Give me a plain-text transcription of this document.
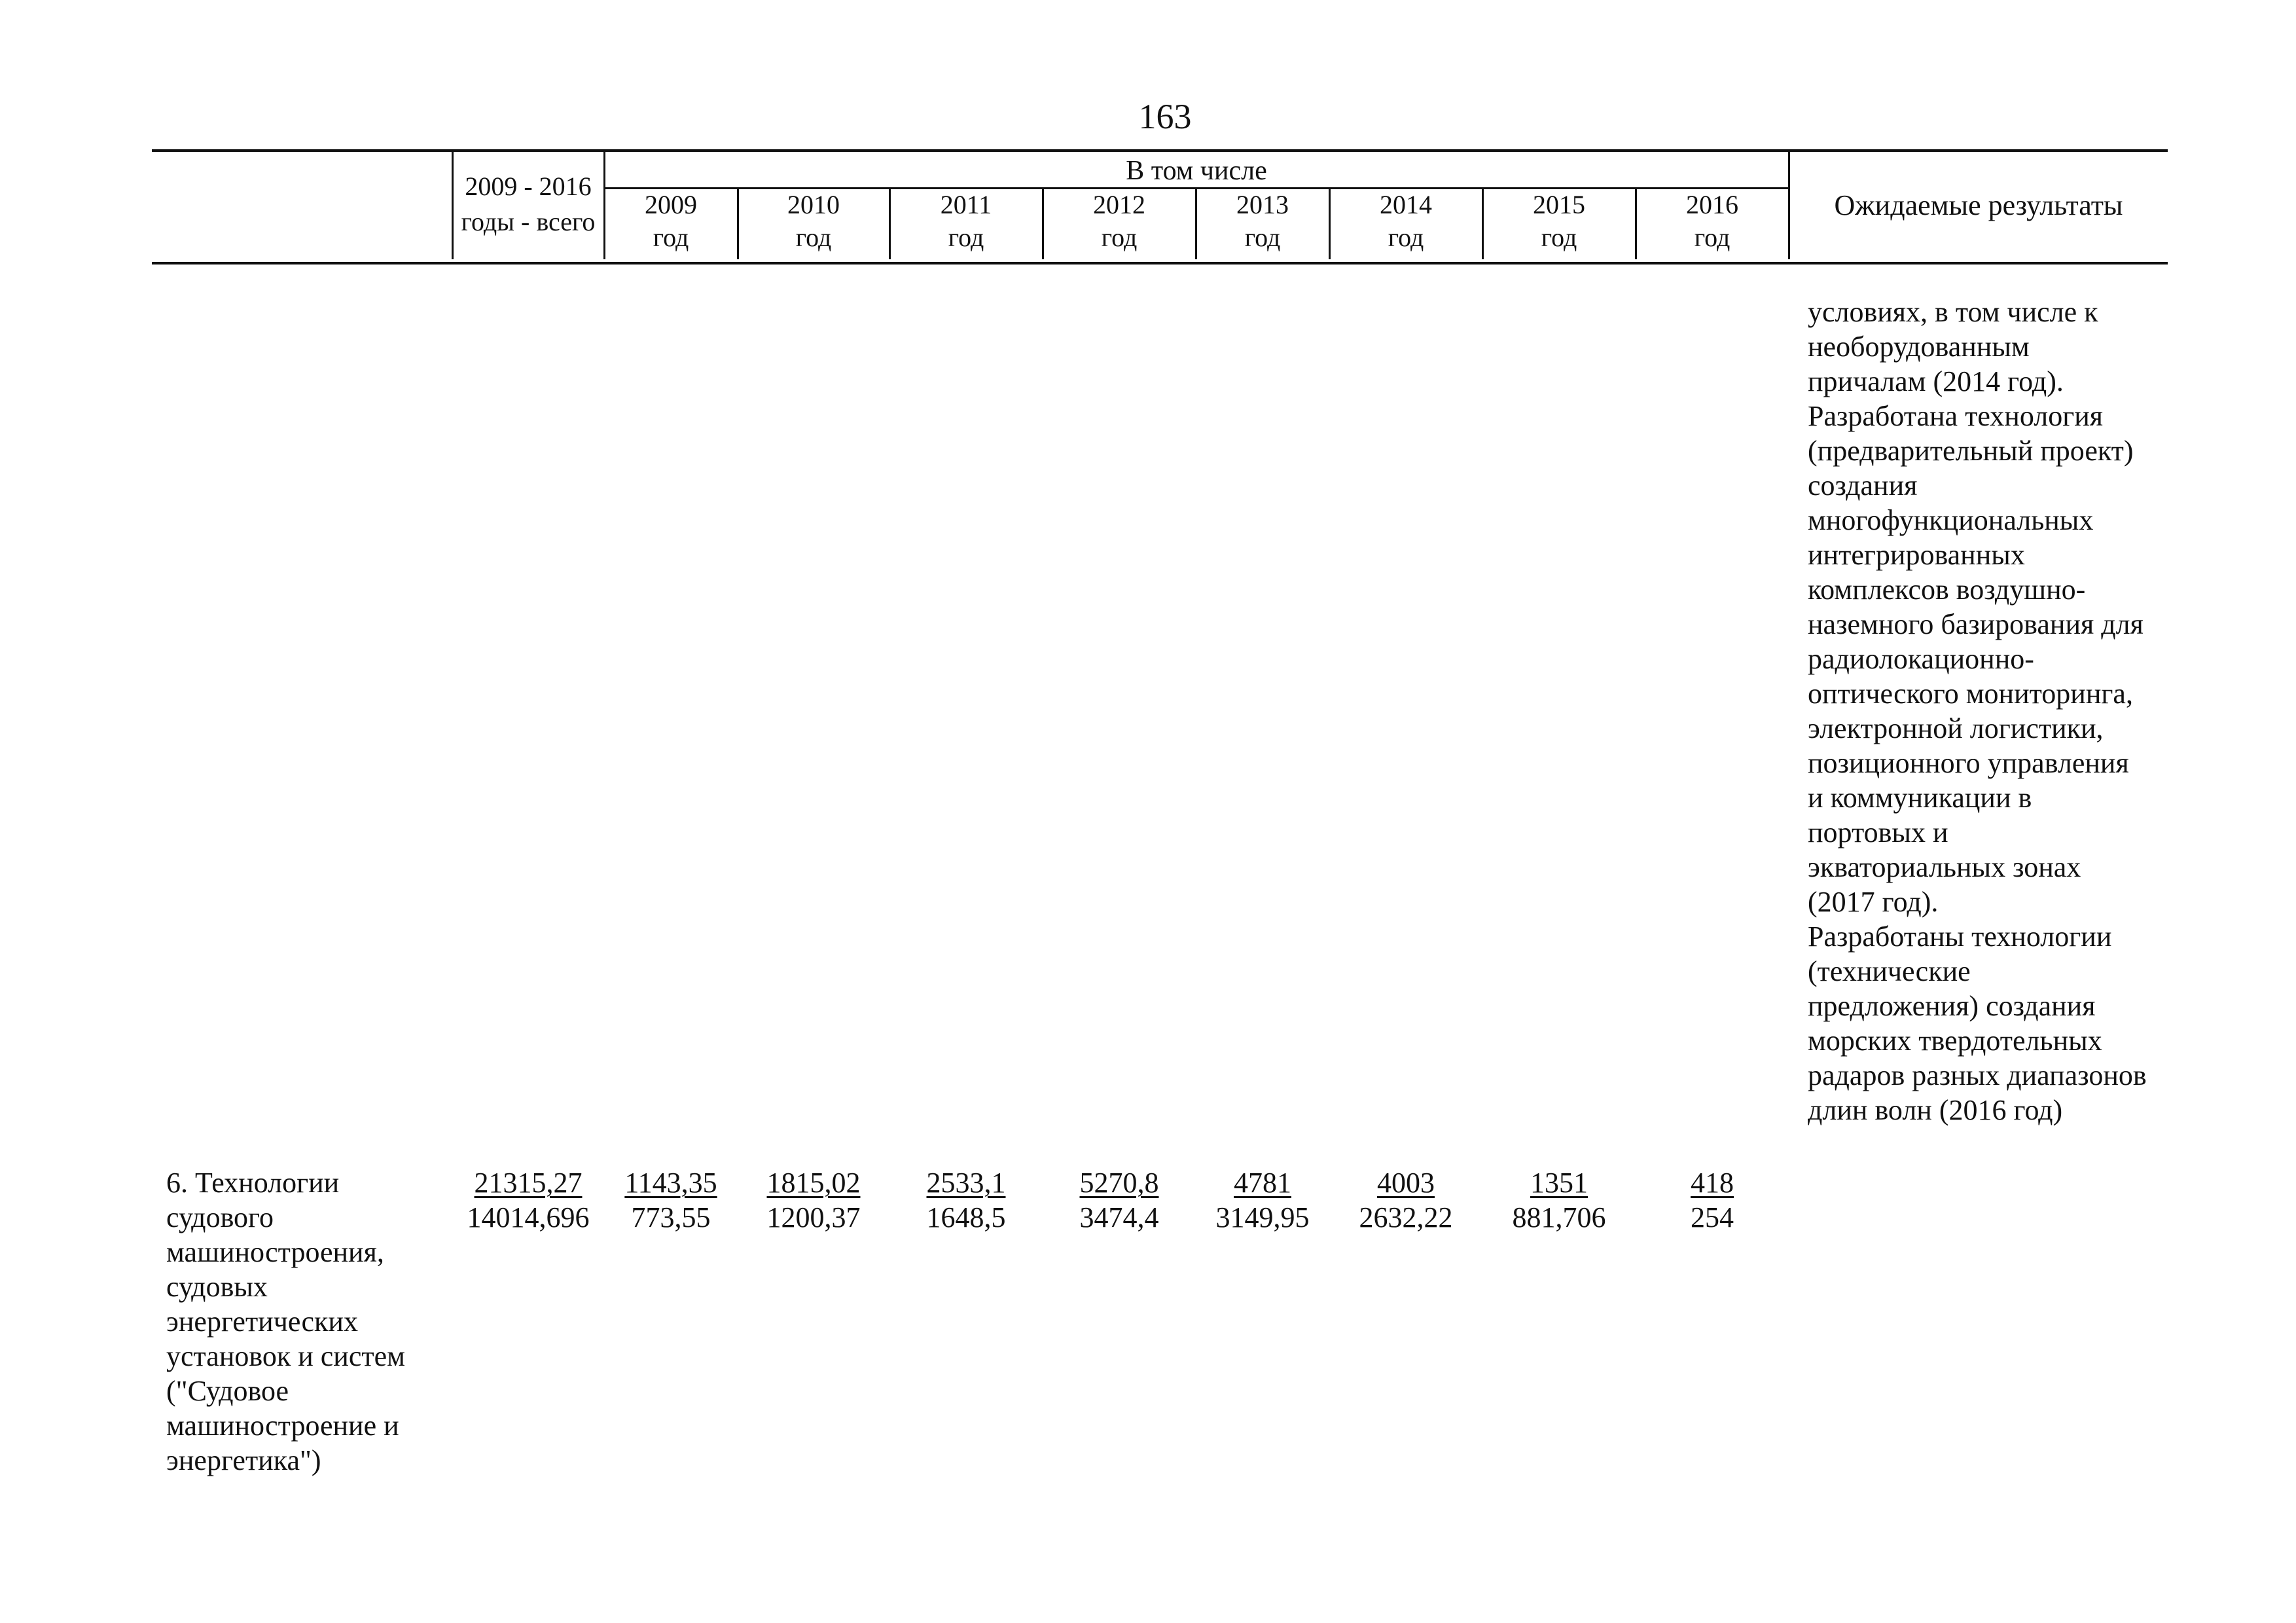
163
2009 - 2016
годы - всего
В том числе
2009
год
2010
год
2011
год
2012
год
2013
год
2014
год
2015
год
2016
год
Ожидаемые результаты
условиях, в том числе к
необорудованным
причалам (2014 год).
Разработана технология
(предварительный проект)
создания
многофункциональных
интегрированных
комплексов воздушно-
наземного базирования для
радиолокационно-
оптического мониторинга,
электронной логистики,
позиционного управления
и коммуникации в
портовых и
экваториальных зонах
(2017 год).
Разработаны технологии
(технические
предложения) создания
морских твердотельных
радаров разных диапазонов
длин волн (2016 год)
6. Технологии
судового
машиностроения,
судовых
энергетических
установок и систем
("Судовое
машиностроение и
энергетика")
21315,27
14014,696
1143,35
773,55
1815,02
1200,37
2533,1
1648,5
5270,8
3474,4
4781
3149,95
4003
2632,22
1351
881,706
418
254
